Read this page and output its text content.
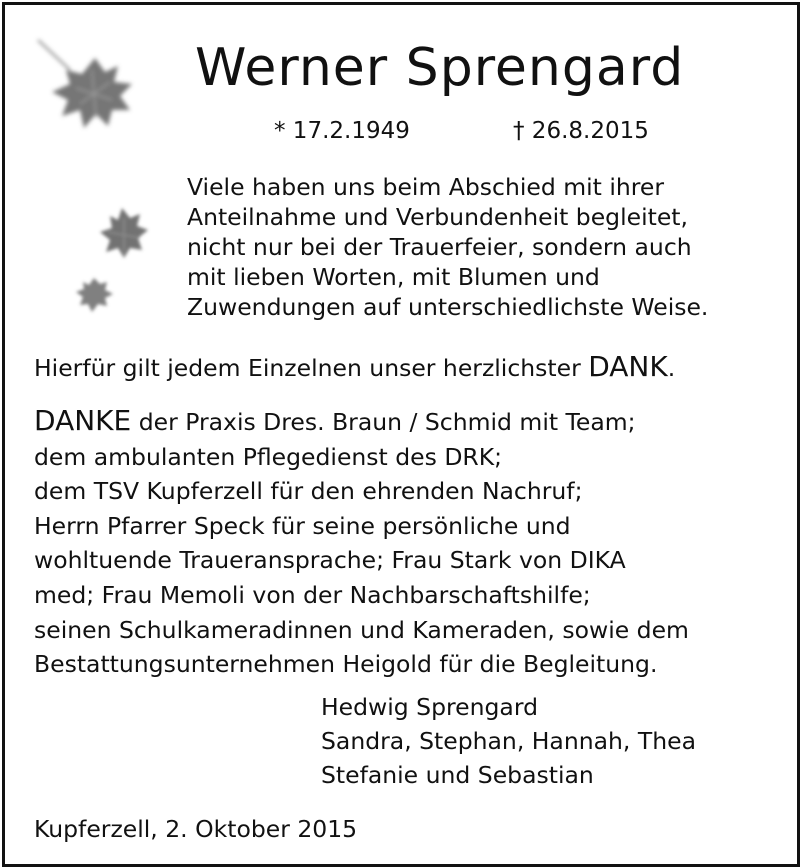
Werner Sprengard
* 17.2.1949	† 26.8.2015
Viele haben uns beim Abschied mit ihrer
Anteilnahme und Verbundenheit begleitet,
nicht nur bei der Trauerfeier, sondern auch
mit lieben Worten, mit Blumen und
Zuwendungen auf unterschiedlichste Weise.
Hierfür gilt jedem Einzelnen unser herzlichster DANK.
DANKE der Praxis Dres. Braun / Schmid mit Team;
dem ambulanten Pflegedienst des DRK;
dem TSV Kupferzell für den ehrenden Nachruf;
Herrn Pfarrer Speck für seine persönliche und
wohltuende Traueransprache; Frau Stark von DIKA
med; Frau Memoli von der Nachbarschaftshilfe;
seinen Schulkameradinnen und Kameraden, sowie dem
Bestattungsunternehmen Heigold für die Begleitung.
Hedwig Sprengard
Sandra, Stephan, Hannah, Thea
Stefanie und Sebastian
Kupferzell, 2. Oktober 2015
